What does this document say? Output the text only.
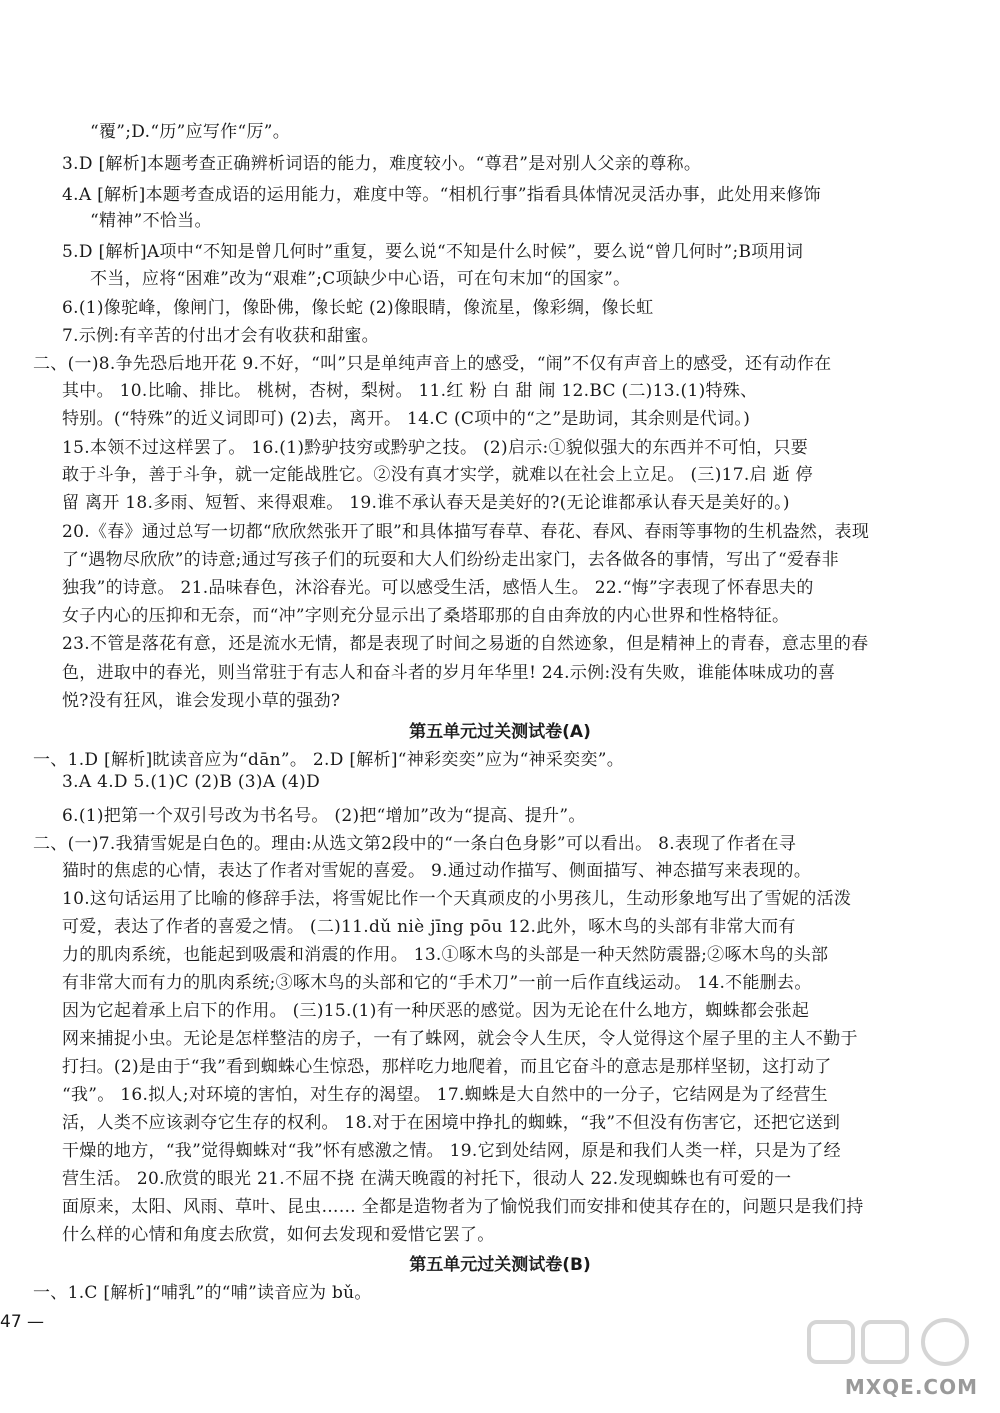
“覆”;D.“历”应写作“厉”。
3.D [解析]本题考查正确辨析词语的能力，难度较小。“尊君”是对别人父亲的尊称。
4.A [解析]本题考查成语的运用能力，难度中等。“相机行事”指看具体情况灵活办事，此处用来修饰
“精神”不恰当。
5.D [解析]A项中“不知是曾几何时”重复，要么说“不知是什么时候”，要么说“曾几何时”;B项用词
不当，应将“困难”改为“艰难”;C项缺少中心语，可在句末加“的国家”。
6.(1)像驼峰，像闸门，像卧佛，像长蛇 (2)像眼睛，像流星，像彩绸，像长虹
7.示例:有辛苦的付出才会有收获和甜蜜。
二、(一)8.争先恐后地开花 9.不好，“叫”只是单纯声音上的感受，“闹”不仅有声音上的感受，还有动作在
其中。 10.比喻、排比。 桃树，杏树，梨树。 11.红 粉 白 甜 闹 12.BC (二)13.(1)特殊、
特别。(“特殊”的近义词即可) (2)去，离开。 14.C (C项中的“之”是助词，其余则是代词。)
15.本领不过这样罢了。 16.(1)黔驴技穷或黔驴之技。 (2)启示:①貌似强大的东西并不可怕，只要
敢于斗争，善于斗争，就一定能战胜它。②没有真才实学，就难以在社会上立足。 (三)17.启 逝 停
留 离开 18.多雨、短暂、来得艰难。 19.谁不承认春天是美好的?(无论谁都承认春天是美好的。)
20.《春》通过总写一切都“欣欣然张开了眼”和具体描写春草、春花、春风、春雨等事物的生机盎然，表现
了“遇物尽欣欣”的诗意;通过写孩子们的玩耍和大人们纷纷走出家门，去各做各的事情，写出了“爱春非
独我”的诗意。 21.品味春色，沐浴春光。可以感受生活，感悟人生。 22.“悔”字表现了怀春思夫的
女子内心的压抑和无奈，而“冲”字则充分显示出了桑塔耶那的自由奔放的内心世界和性格特征。
23.不管是落花有意，还是流水无情，都是表现了时间之易逝的自然迹象，但是精神上的青春，意志里的春
色，进取中的春光，则当常驻于有志人和奋斗者的岁月年华里! 24.示例:没有失败，谁能体味成功的喜
悦?没有狂风，谁会发现小草的强劲?
第五单元过关测试卷(A)
一、1.D [解析]眈读音应为“dān”。 2.D [解析]“神彩奕奕”应为“神采奕奕”。
3.A 4.D 5.(1)C (2)B (3)A (4)D
6.(1)把第一个双引号改为书名号。 (2)把“增加”改为“提高、提升”。
二、(一)7.我猜雪妮是白色的。理由:从选文第2段中的“一条白色身影”可以看出。 8.表现了作者在寻
猫时的焦虑的心情，表达了作者对雪妮的喜爱。 9.通过动作描写、侧面描写、神态描写来表现的。
10.这句话运用了比喻的修辞手法，将雪妮比作一个天真顽皮的小男孩儿，生动形象地写出了雪妮的活泼
可爱，表达了作者的喜爱之情。 (二)11.dǔ niè jīng pōu 12.此外，啄木鸟的头部有非常大而有
力的肌肉系统，也能起到吸震和消震的作用。 13.①啄木鸟的头部是一种天然防震器;②啄木鸟的头部
有非常大而有力的肌肉系统;③啄木鸟的头部和它的“手术刀”一前一后作直线运动。 14.不能删去。
因为它起着承上启下的作用。 (三)15.(1)有一种厌恶的感觉。因为无论在什么地方，蜘蛛都会张起
网来捕捉小虫。无论是怎样整洁的房子，一有了蛛网，就会令人生厌，令人觉得这个屋子里的主人不勤于
打扫。(2)是由于“我”看到蜘蛛心生惊恐，那样吃力地爬着，而且它奋斗的意志是那样坚韧，这打动了
“我”。 16.拟人;对环境的害怕，对生存的渴望。 17.蜘蛛是大自然中的一分子，它结网是为了经营生
活，人类不应该剥夺它生存的权利。 18.对于在困境中挣扎的蜘蛛，“我”不但没有伤害它，还把它送到
干燥的地方，“我”觉得蜘蛛对“我”怀有感激之情。 19.它到处结网，原是和我们人类一样，只是为了经
营生活。 20.欣赏的眼光 21.不屈不挠 在满天晚霞的衬托下，很动人 22.发现蜘蛛也有可爱的一
面原来，太阳、风雨、草叶、昆虫…… 全都是造物者为了愉悦我们而安排和使其存在的，问题只是我们持
什么样的心情和角度去欣赏，如何去发现和爱惜它罢了。
第五单元过关测试卷(B)
一、1.C [解析]“哺乳”的“哺”读音应为 bǔ。
47 —
MXQE.COM
